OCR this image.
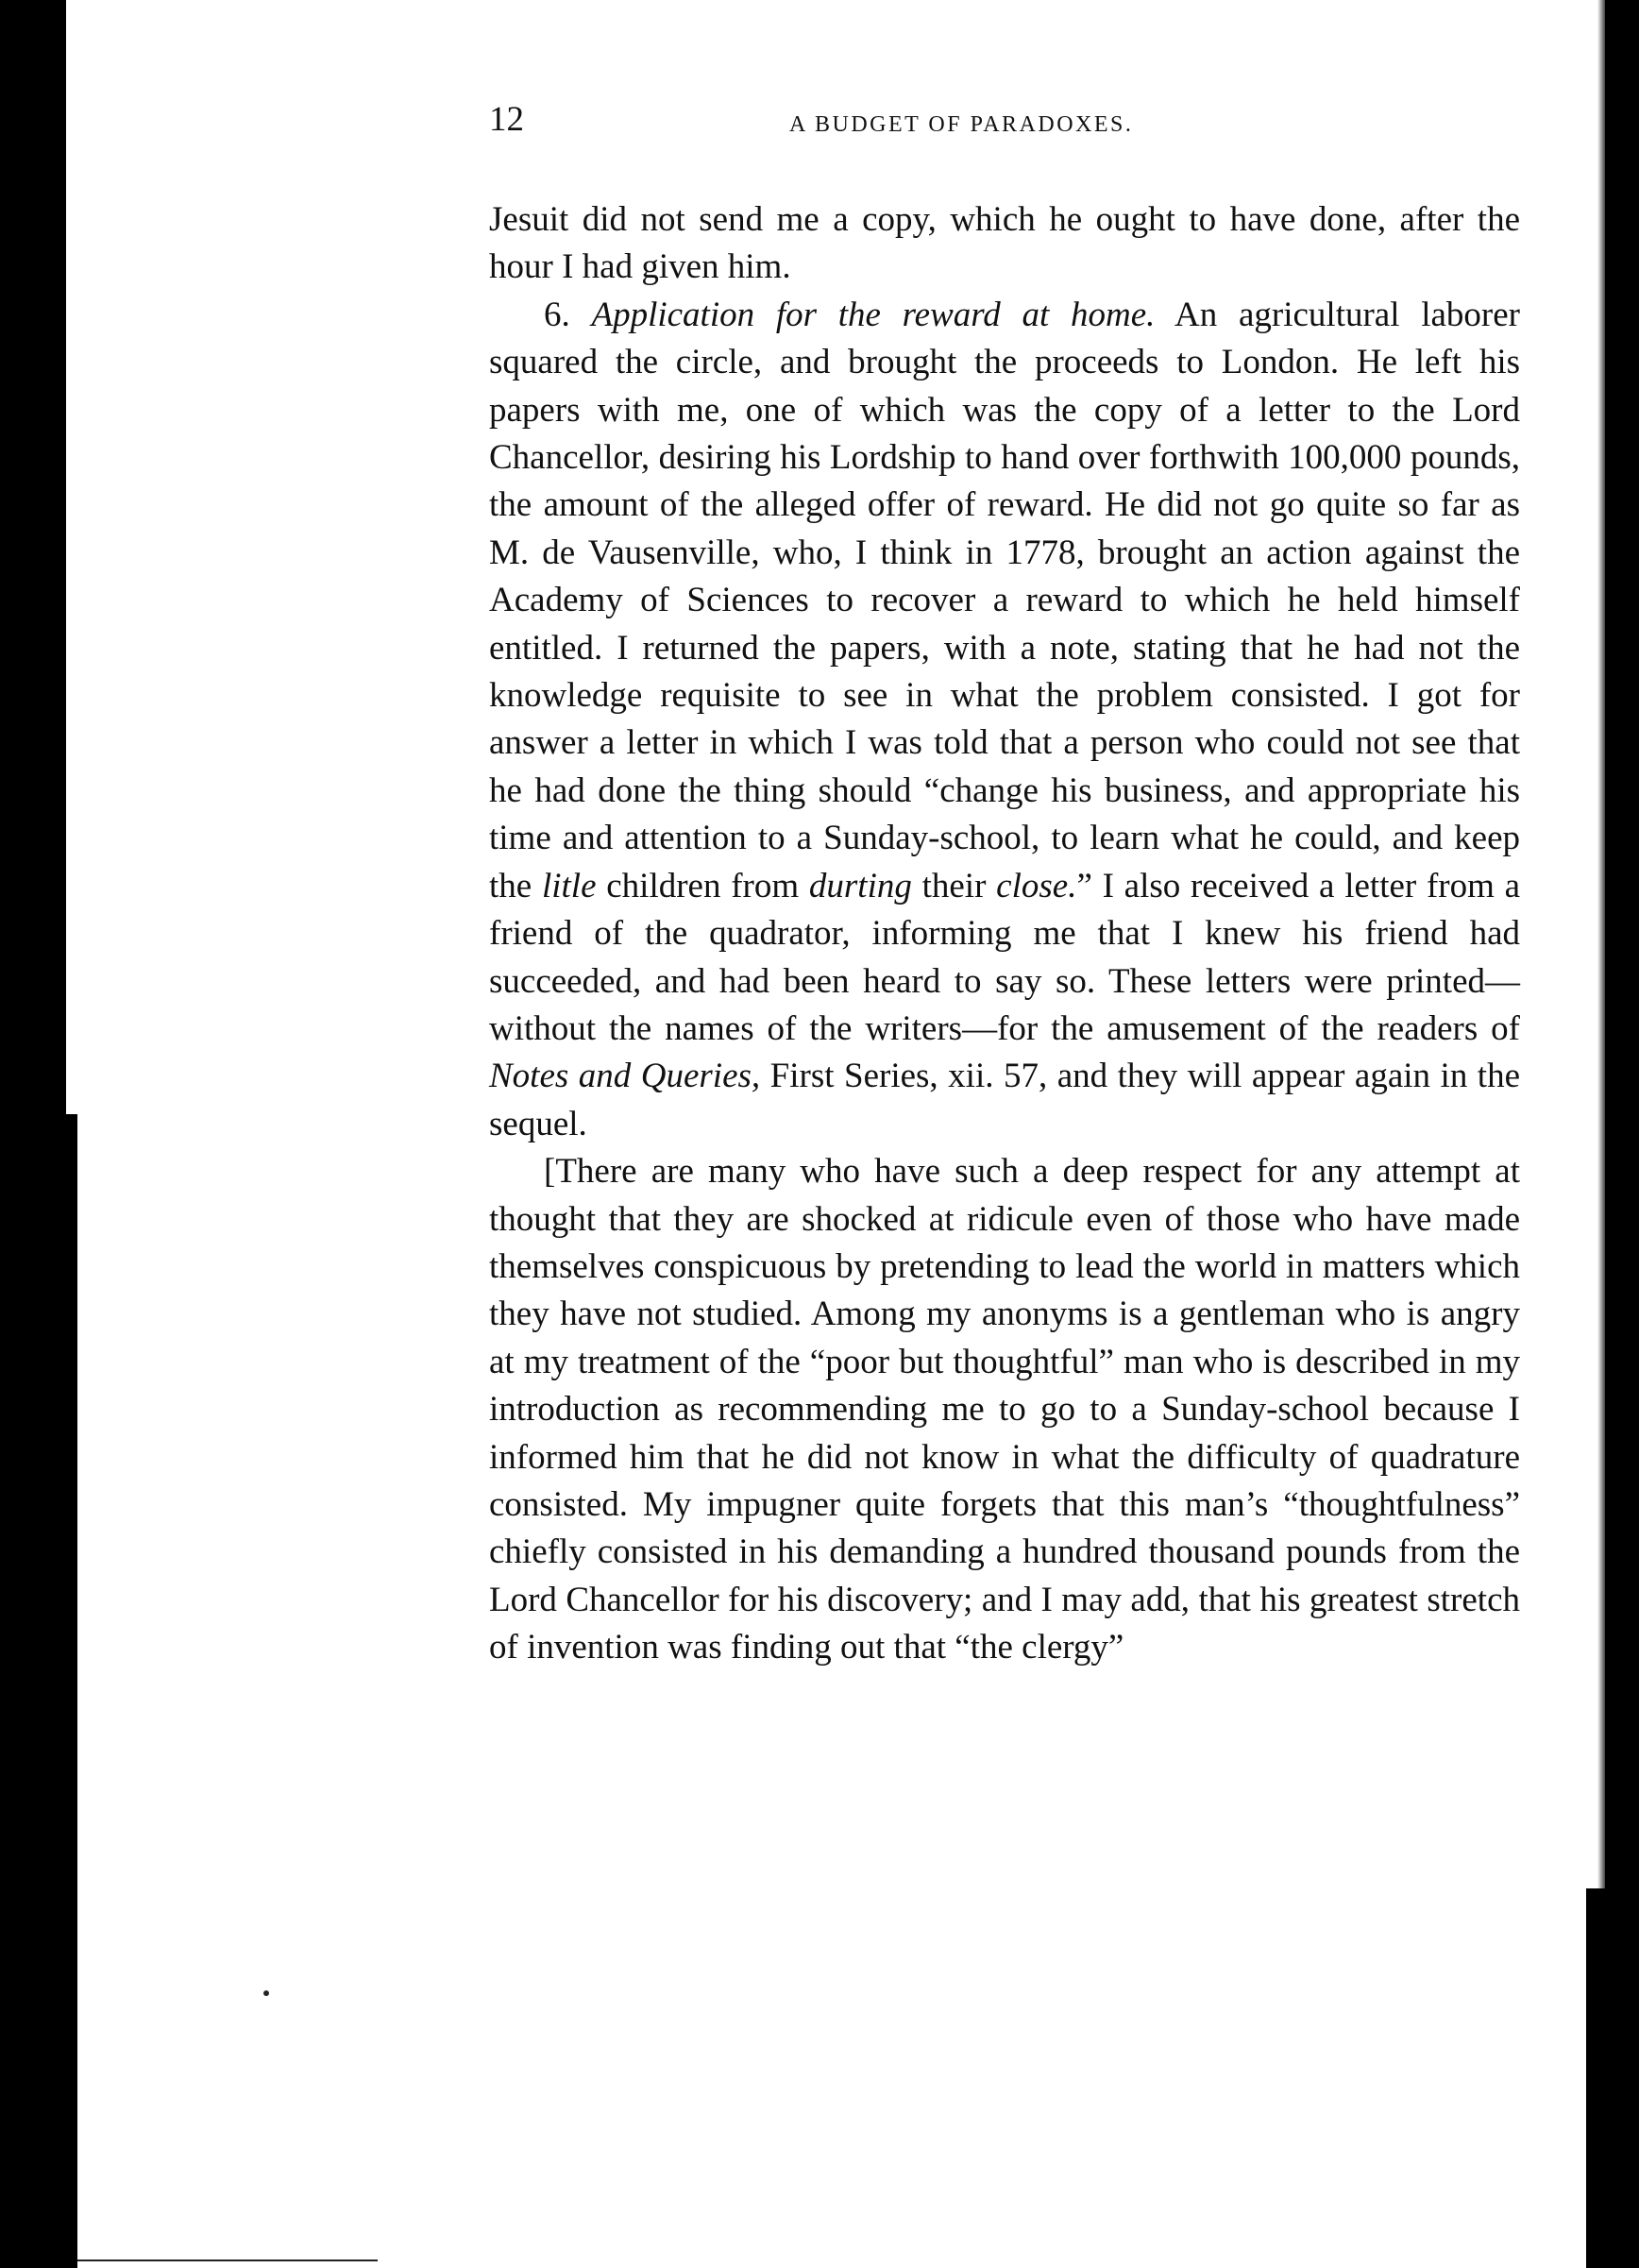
12	A BUDGET OF PARADOXES.

Jesuit did not send me a copy, which he ought to have done, after the hour I had given him.

6. Application for the reward at home. An agricultural laborer squared the circle, and brought the proceeds to London. He left his papers with me, one of which was the copy of a letter to the Lord Chancellor, desiring his Lordship to hand over forthwith 100,000 pounds, the amount of the alleged offer of reward. He did not go quite so far as M. de Vausenville, who, I think in 1778, brought an action against the Academy of Sciences to recover a reward to which he held himself entitled. I returned the papers, with a note, stating that he had not the knowledge requisite to see in what the problem consisted. I got for answer a letter in which I was told that a person who could not see that he had done the thing should “change his business, and appropriate his time and attention to a Sunday-school, to learn what he could, and keep the litle children from durting their close.” I also received a letter from a friend of the quadrator, informing me that I knew his friend had succeeded, and had been heard to say so. These letters were printed—without the names of the writers—for the amusement of the readers of Notes and Queries, First Series, xii. 57, and they will appear again in the sequel.

[There are many who have such a deep respect for any attempt at thought that they are shocked at ridicule even of those who have made themselves conspicuous by pretending to lead the world in matters which they have not studied. Among my anonyms is a gentleman who is angry at my treatment of the “poor but thoughtful” man who is described in my introduction as recommending me to go to a Sunday-school because I informed him that he did not know in what the difficulty of quadrature consisted. My impugner quite forgets that this man’s “thoughtfulness” chiefly consisted in his demanding a hundred thousand pounds from the Lord Chancellor for his discovery; and I may add, that his greatest stretch of invention was finding out that “the clergy”
